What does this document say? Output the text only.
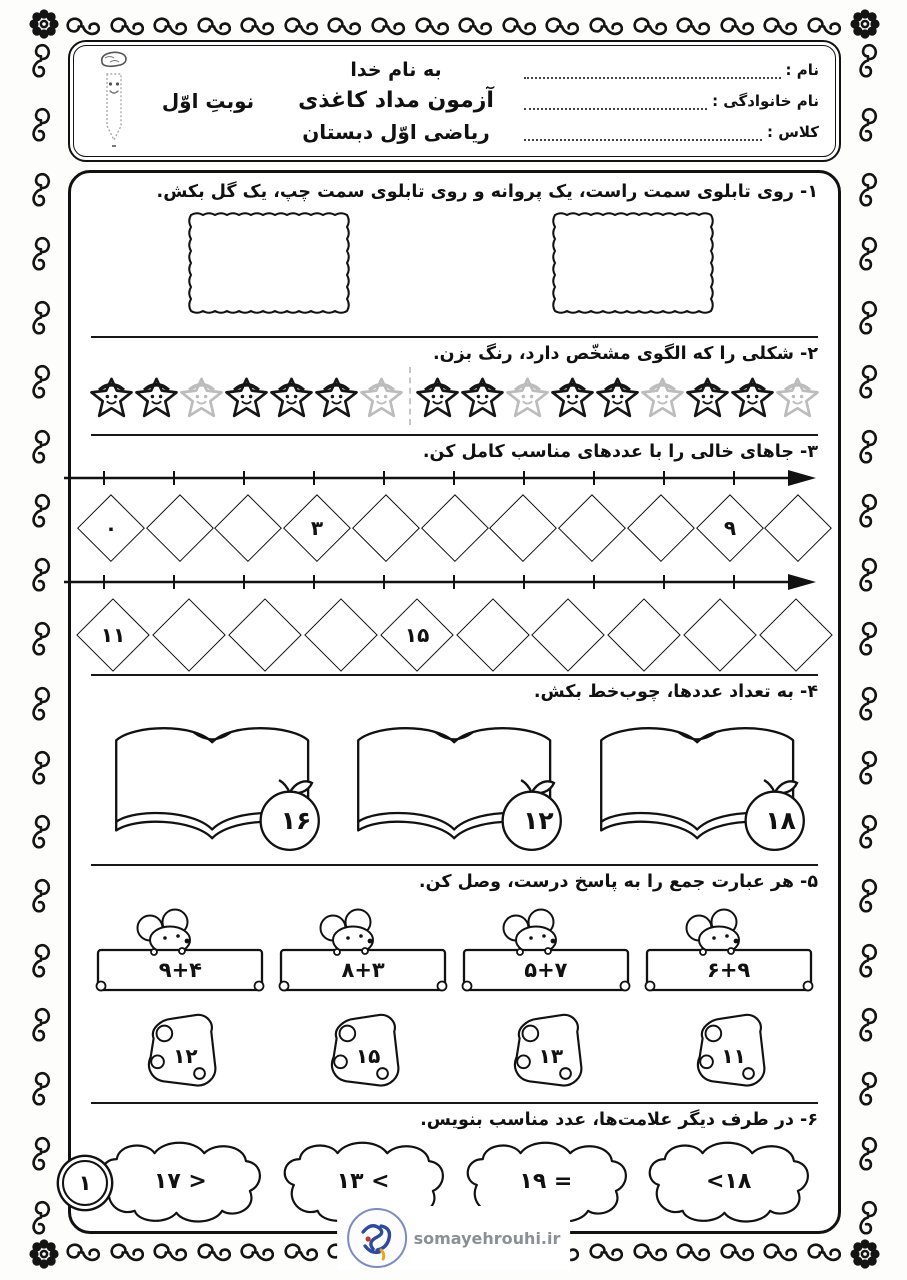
نام :
نام خانوادگی :
کلاس :
به نام خدا
آزمون مداد کاغذی
ریاضی اوّل دبستان
نوبتِ اوّل
۱- روی تابلوی سمت راست، یک پروانه و روی تابلوی سمت چپ، یک گل بکش.
۲- شکلی را که الگوی مشخّص دارد، رنگ بزن.
۳- جاهای خالی را با عددهای مناسب کامل کن.
۰	۳	۹
۱۱	۱۵
۴- به تعداد عددها، چوب‌خط بکش.
۱۶	۱۲	۱۸
۵- هر عبارت جمع را به پاسخ درست، وصل کن.
۹+۴	۸+۳	۵+۷	۶+۹
۱۲	۱۵	۱۳	۱۱
۶- در طرف دیگر علامت‌ها، عدد مناسب بنویس.
۱۷ >	۱۳ <	۱۹ =	<۱۸
۱
somayehrouhi.ir
